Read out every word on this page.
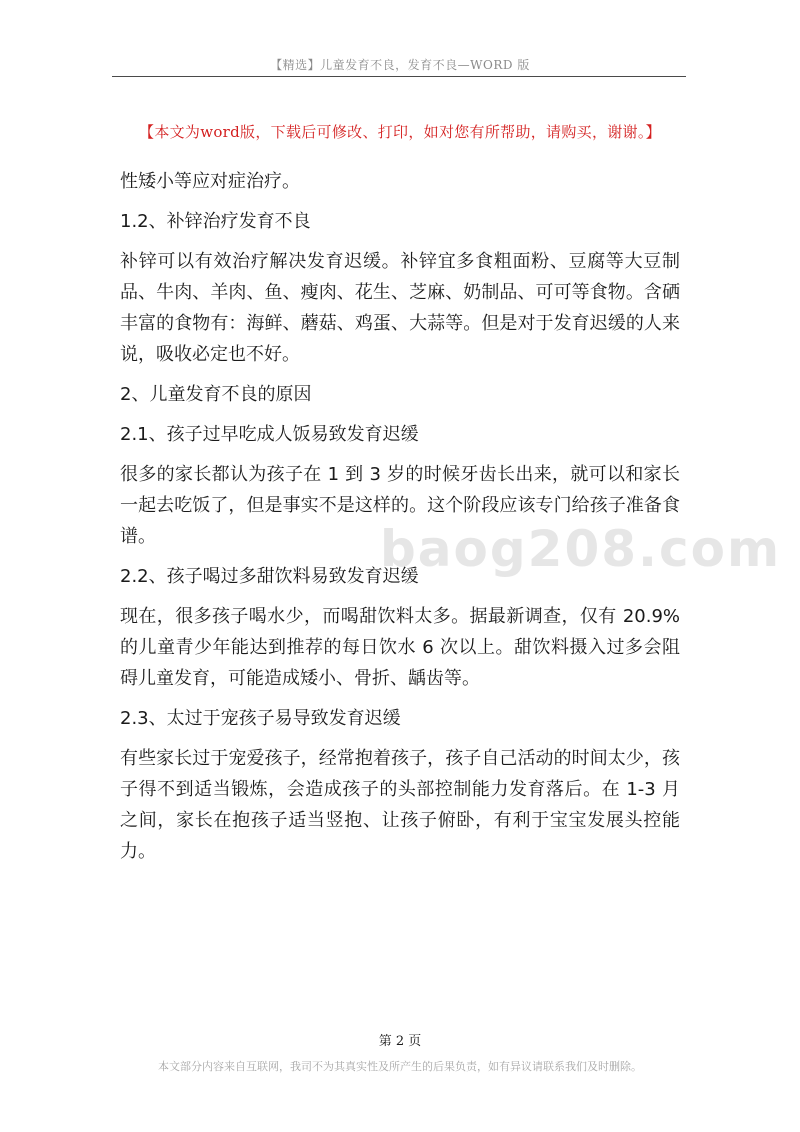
【精选】儿童发育不良，发育不良—WORD 版
【本文为word版，下载后可修改、打印，如对您有所帮助，请购买，谢谢。】
baog208.com

性矮小等应对症治疗。

1.2、补锌治疗发育不良

补锌可以有效治疗解决发育迟缓。补锌宜多食粗面粉、豆腐等大豆制品、牛肉、羊肉、鱼、瘦肉、花生、芝麻、奶制品、可可等食物。含硒丰富的食物有：海鲜、蘑菇、鸡蛋、大蒜等。但是对于发育迟缓的人来说，吸收必定也不好。

2、儿童发育不良的原因

2.1、孩子过早吃成人饭易致发育迟缓

很多的家长都认为孩子在 1 到 3 岁的时候牙齿长出来，就可以和家长一起去吃饭了，但是事实不是这样的。这个阶段应该专门给孩子准备食谱。

2.2、孩子喝过多甜饮料易致发育迟缓

现在，很多孩子喝水少，而喝甜饮料太多。据最新调查，仅有 20.9%的儿童青少年能达到推荐的每日饮水 6 次以上。甜饮料摄入过多会阻碍儿童发育，可能造成矮小、骨折、龋齿等。

2.3、太过于宠孩子易导致发育迟缓

有些家长过于宠爱孩子，经常抱着孩子，孩子自己活动的时间太少，孩子得不到适当锻炼，会造成孩子的头部控制能力发育落后。在 1-3 月之间，家长在抱孩子适当竖抱、让孩子俯卧，有利于宝宝发展头控能力。

第 2 页
本文部分内容来自互联网，我司不为其真实性及所产生的后果负责，如有异议请联系我们及时删除。
